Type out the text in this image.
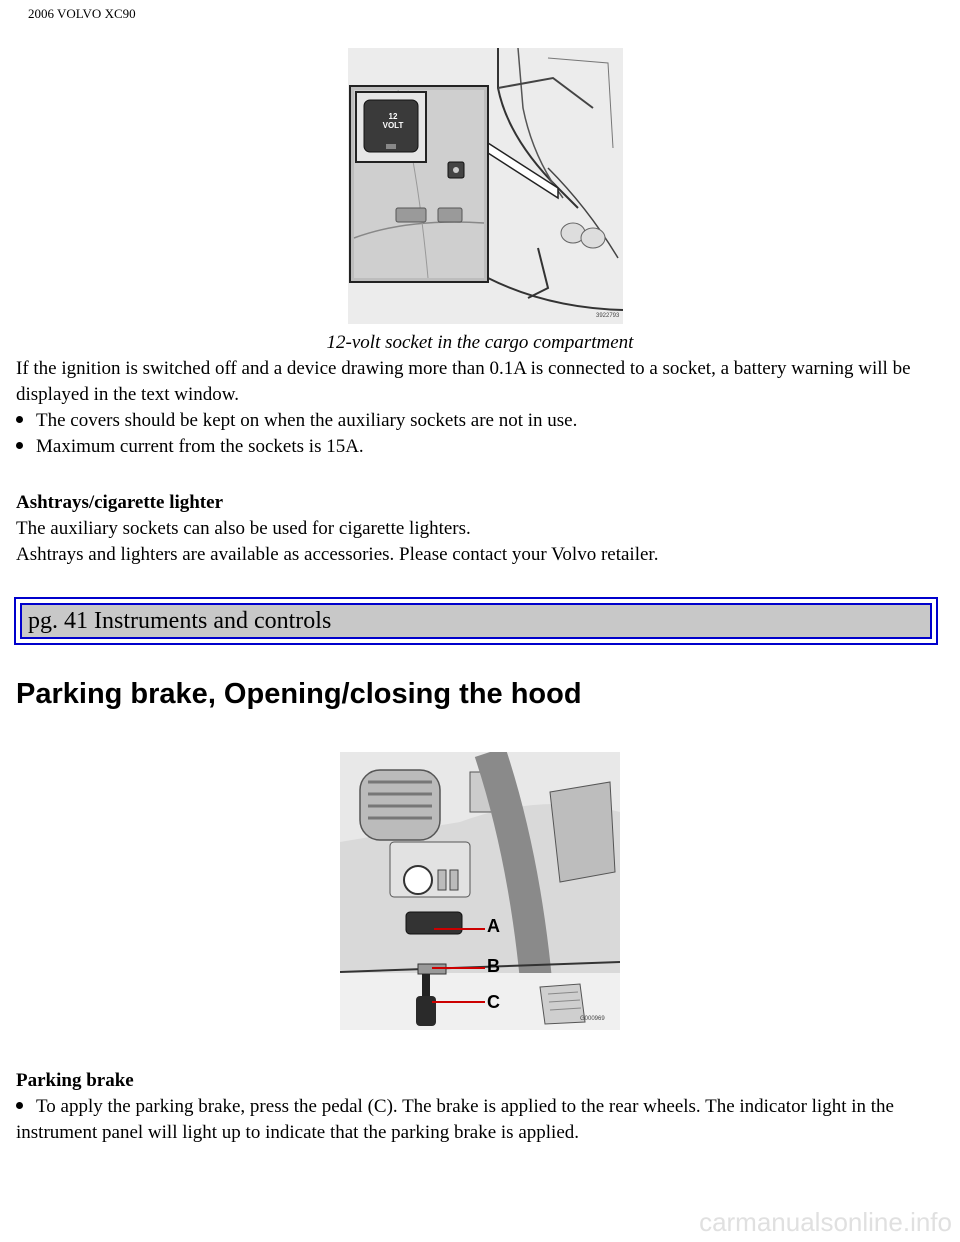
2006 VOLVO XC90
12
VOLT
3922793
12-volt socket in the cargo compartment
If the ignition is switched off and a device drawing more than 0.1A is connected to a socket, a battery warning will be displayed in the text window.
The covers should be kept on when the auxiliary sockets are not in use.
Maximum current from the sockets is 15A.
Ashtrays/cigarette lighter
The auxiliary sockets can also be used for cigarette lighters.
Ashtrays and lighters are available as accessories. Please contact your Volvo retailer.
pg. 41 Instruments and controls
Parking brake, Opening/closing the hood
A
B
C
G000969
Parking brake
To apply the parking brake, press the pedal (C). The brake is applied to the rear wheels. The indicator light in the instrument panel will light up to indicate that the parking brake is applied.
carmanualsonline.info
